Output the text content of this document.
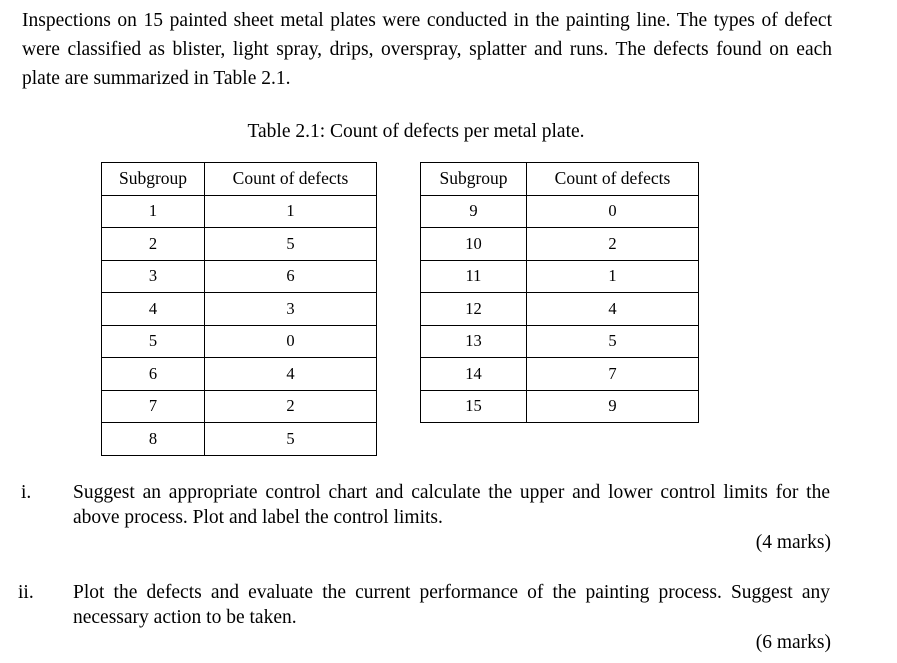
Inspections on 15 painted sheet metal plates were conducted in the painting line. The types of defect were classified as blister, light spray, drips, overspray, splatter and runs. The defects found on each plate are summarized in Table 2.1.

Table 2.1: Count of defects per metal plate.
Subgroup	Count of defects
1	1
2	5
3	6
4	3
5	0
6	4
7	2
8	5
Subgroup	Count of defects
9	0
10	2
11	1
12	4
13	5
14	7
15	9
i. Suggest an appropriate control chart and calculate the upper and lower control limits for the above process. Plot and label the control limits.
(4 marks)
ii. Plot the defects and evaluate the current performance of the painting process. Suggest any necessary action to be taken.
(6 marks)
